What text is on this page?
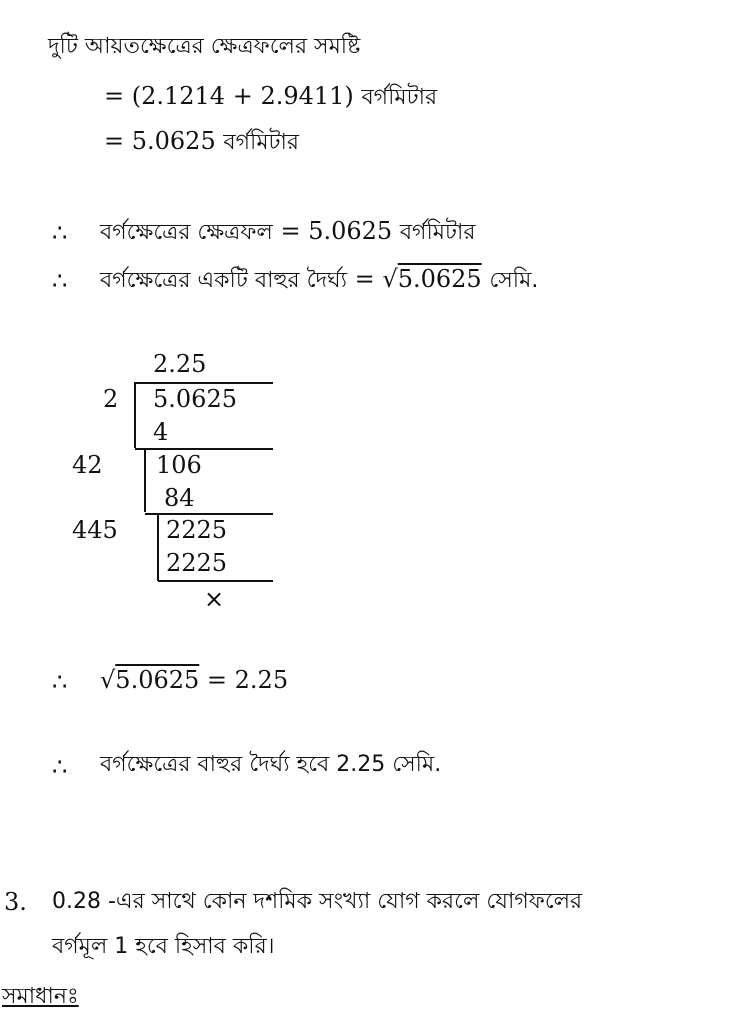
দুটি আয়তক্ষেত্রের ক্ষেত্রফলের সমষ্টি
= (2.1214 + 2.9411) বর্গমিটার
= 5.0625 বর্গমিটার
∴ বর্গক্ষেত্রের ক্ষেত্রফল = 5.0625 বর্গমিটার
∴ বর্গক্ষেত্রের একটি বাহুর দৈর্ঘ্য = √5.0625 সেমি.
2.25
2 5.0625
4
42 106
84
445 2225
2225
×
∴ √5.0625 = 2.25
∴ বর্গক্ষেত্রের বাহুর দৈর্ঘ্য হবে 2.25 সেমি.
3. 0.28 -এর সাথে কোন দশমিক সংখ্যা যোগ করলে যোগফলের
বর্গমূল 1 হবে হিসাব করি।
সমাধানঃ
